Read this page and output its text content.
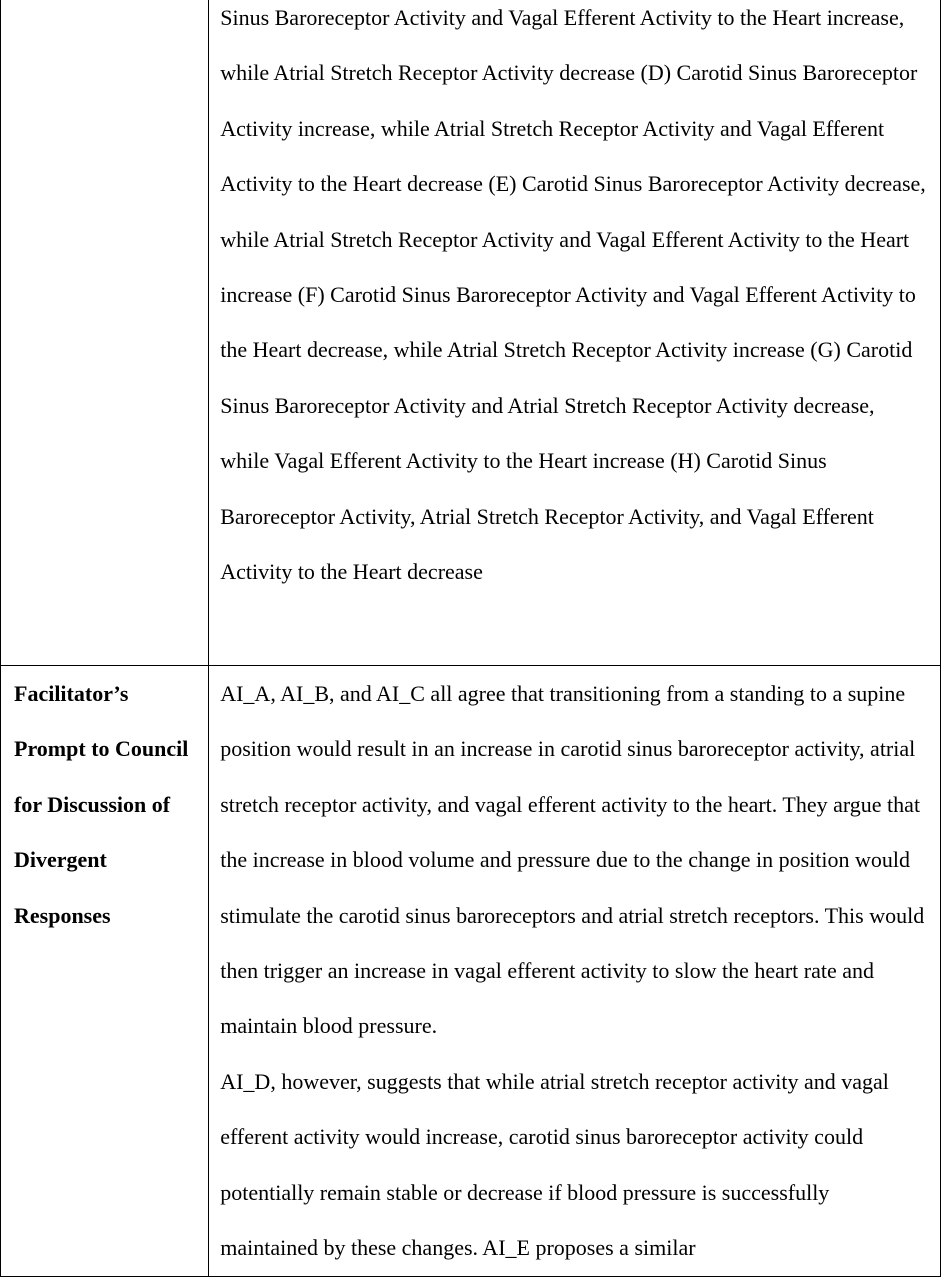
	Sinus Baroreceptor Activity and Vagal Efferent Activity to the Heart increase, while Atrial Stretch Receptor Activity decrease (D) Carotid Sinus Baroreceptor Activity increase, while Atrial Stretch Receptor Activity and Vagal Efferent Activity to the Heart decrease (E) Carotid Sinus Baroreceptor Activity decrease, while Atrial Stretch Receptor Activity and Vagal Efferent Activity to the Heart increase (F) Carotid Sinus Baroreceptor Activity and Vagal Efferent Activity to the Heart decrease, while Atrial Stretch Receptor Activity increase (G) Carotid Sinus Baroreceptor Activity and Atrial Stretch Receptor Activity decrease, while Vagal Efferent Activity to the Heart increase (H) Carotid Sinus Baroreceptor Activity, Atrial Stretch Receptor Activity, and Vagal Efferent Activity to the Heart decrease

Facilitator’s Prompt to Council for Discussion of Divergent Responses	AI_A, AI_B, and AI_C all agree that transitioning from a standing to a supine position would result in an increase in carotid sinus baroreceptor activity, atrial stretch receptor activity, and vagal efferent activity to the heart. They argue that the increase in blood volume and pressure due to the change in position would stimulate the carotid sinus baroreceptors and atrial stretch receptors. This would then trigger an increase in vagal efferent activity to slow the heart rate and maintain blood pressure.

AI_D, however, suggests that while atrial stretch receptor activity and vagal efferent activity would increase, carotid sinus baroreceptor activity could potentially remain stable or decrease if blood pressure is successfully maintained by these changes. AI_E proposes a similar
